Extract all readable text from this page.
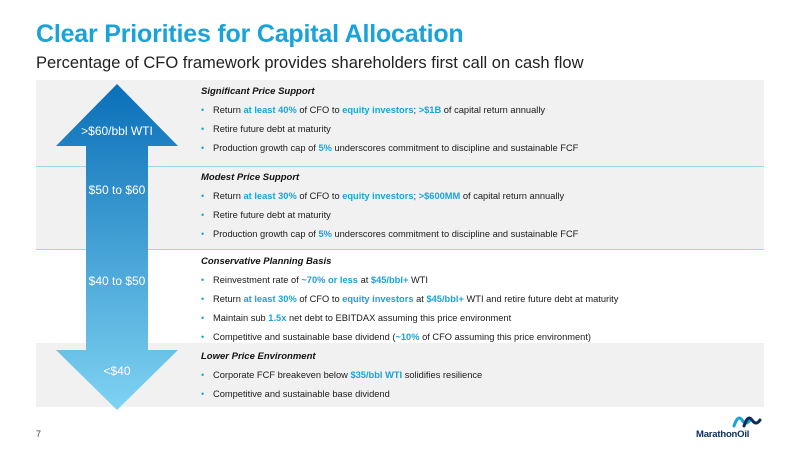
Clear Priorities for Capital Allocation

Percentage of CFO framework provides shareholders first call on cash flow

>$60/bbl WTI
$50 to $60
$40 to $50
<$40
Significant Price Support
• Return at least 40% of CFO to equity investors; >$1B of capital return annually
• Retire future debt at maturity
• Production growth cap of 5% underscores commitment to discipline and sustainable FCF
Modest Price Support
• Return at least 30% of CFO to equity investors; >$600MM of capital return annually
• Retire future debt at maturity
• Production growth cap of 5% underscores commitment to discipline and sustainable FCF
Conservative Planning Basis
• Reinvestment rate of ~70% or less at $45/bbl+ WTI
• Return at least 30% of CFO to equity investors at $45/bbl+ WTI and retire future debt at maturity
• Maintain sub 1.5x net debt to EBITDAX assuming this price environment
• Competitive and sustainable base dividend (~10% of CFO assuming this price environment)
Lower Price Environment
• Corporate FCF breakeven below $35/bbl WTI solidifies resilience
• Competitive and sustainable base dividend
7	MarathonOil
